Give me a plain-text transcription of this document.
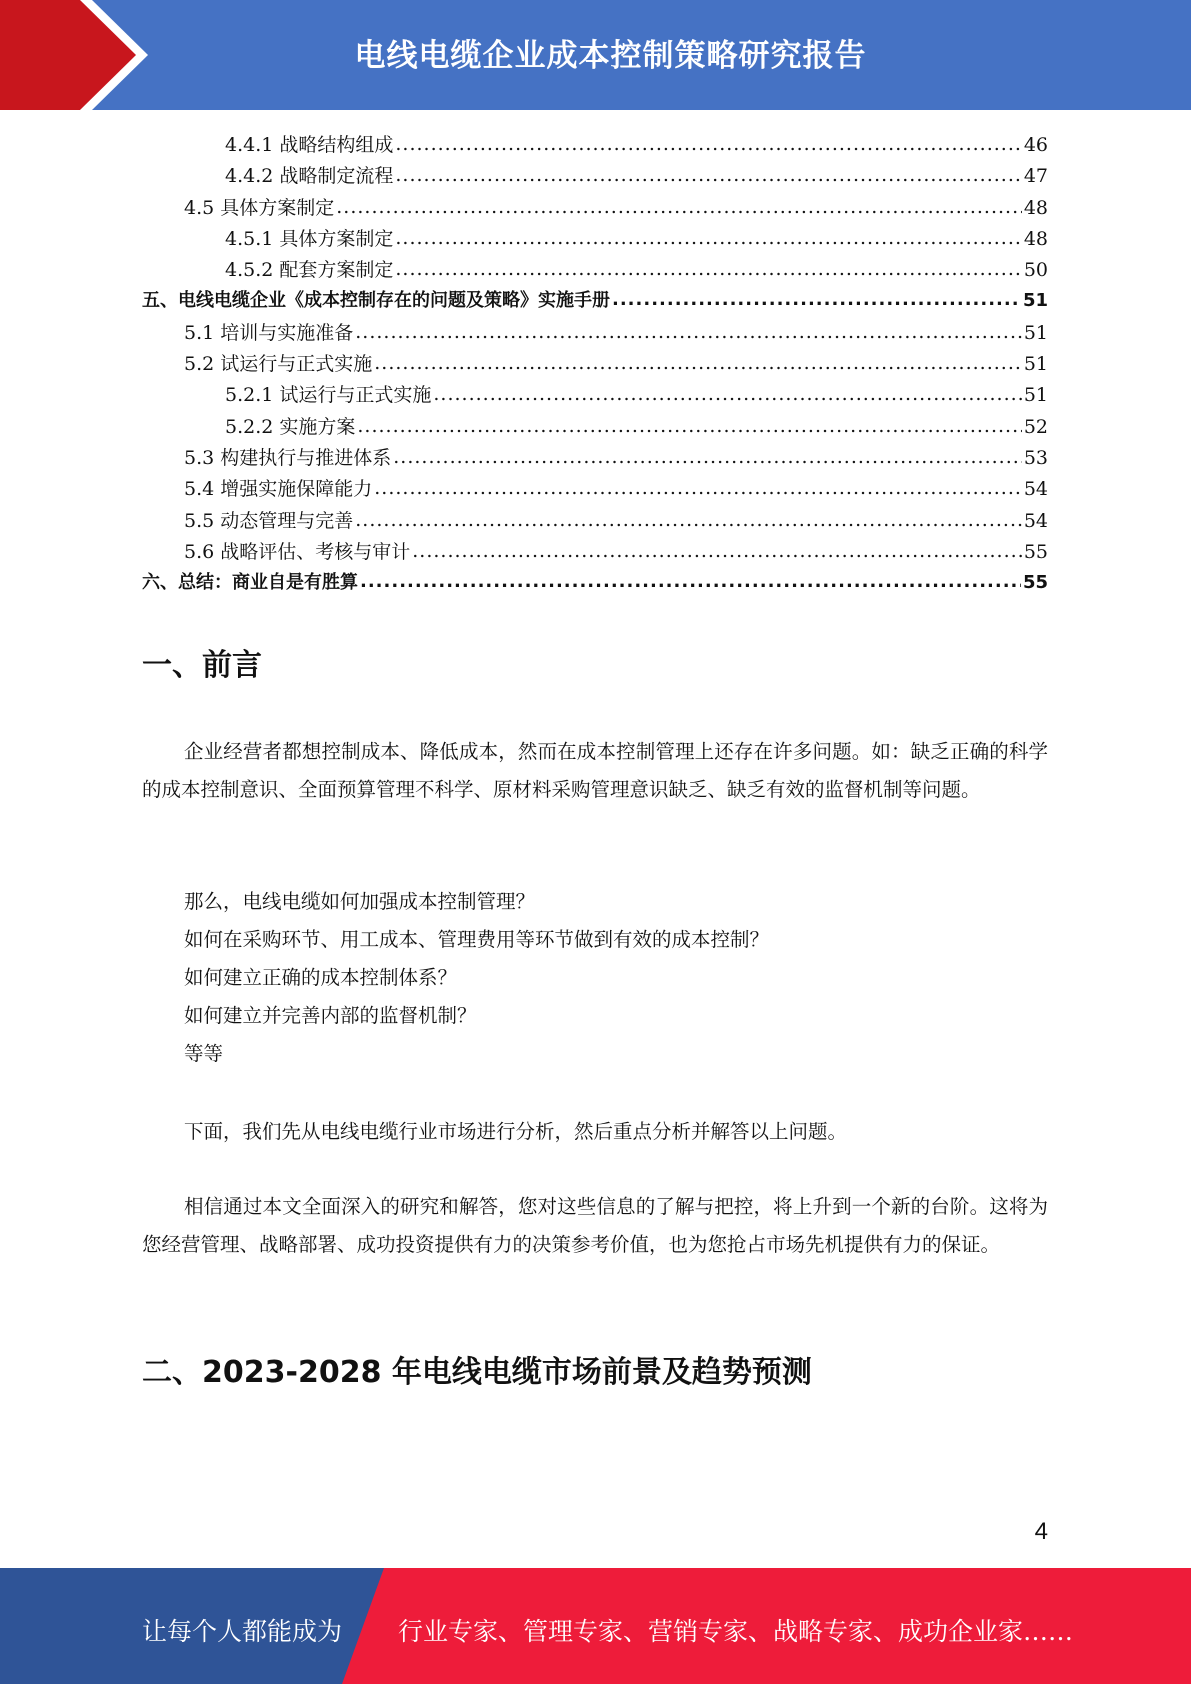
电线电缆企业成本控制策略研究报告
4.4.1 战略结构组成 .....	46
4.4.2 战略制定流程 .....	47
4.5 具体方案制定 .....	48
4.5.1 具体方案制定 .....	48
4.5.2 配套方案制定 .....	50
五、电线电缆企业《成本控制存在的问题及策略》实施手册 .....	51
5.1 培训与实施准备 .....	51
5.2 试运行与正式实施 .....	51
5.2.1 试运行与正式实施 .....	51
5.2.2 实施方案 .....	52
5.3 构建执行与推进体系 .....	53
5.4 增强实施保障能力 .....	54
5.5 动态管理与完善 .....	54
5.6 战略评估、考核与审计 .....	55
六、总结：商业自是有胜算 .....	55
一、前言
企业经营者都想控制成本、降低成本，然而在成本控制管理上还存在许多问题。如：缺乏正确的科学的成本控制意识、全面预算管理不科学、原材料采购管理意识缺乏、缺乏有效的监督机制等问题。
那么，电线电缆如何加强成本控制管理？
如何在采购环节、用工成本、管理费用等环节做到有效的成本控制？
如何建立正确的成本控制体系？
如何建立并完善内部的监督机制？
等等
下面，我们先从电线电缆行业市场进行分析，然后重点分析并解答以上问题。
相信通过本文全面深入的研究和解答，您对这些信息的了解与把控，将上升到一个新的台阶。这将为您经营管理、战略部署、成功投资提供有力的决策参考价值，也为您抢占市场先机提供有力的保证。
二、2023-2028 年电线电缆市场前景及趋势预测
4
让每个人都能成为 行业专家、管理专家、营销专家、战略专家、成功企业家……
